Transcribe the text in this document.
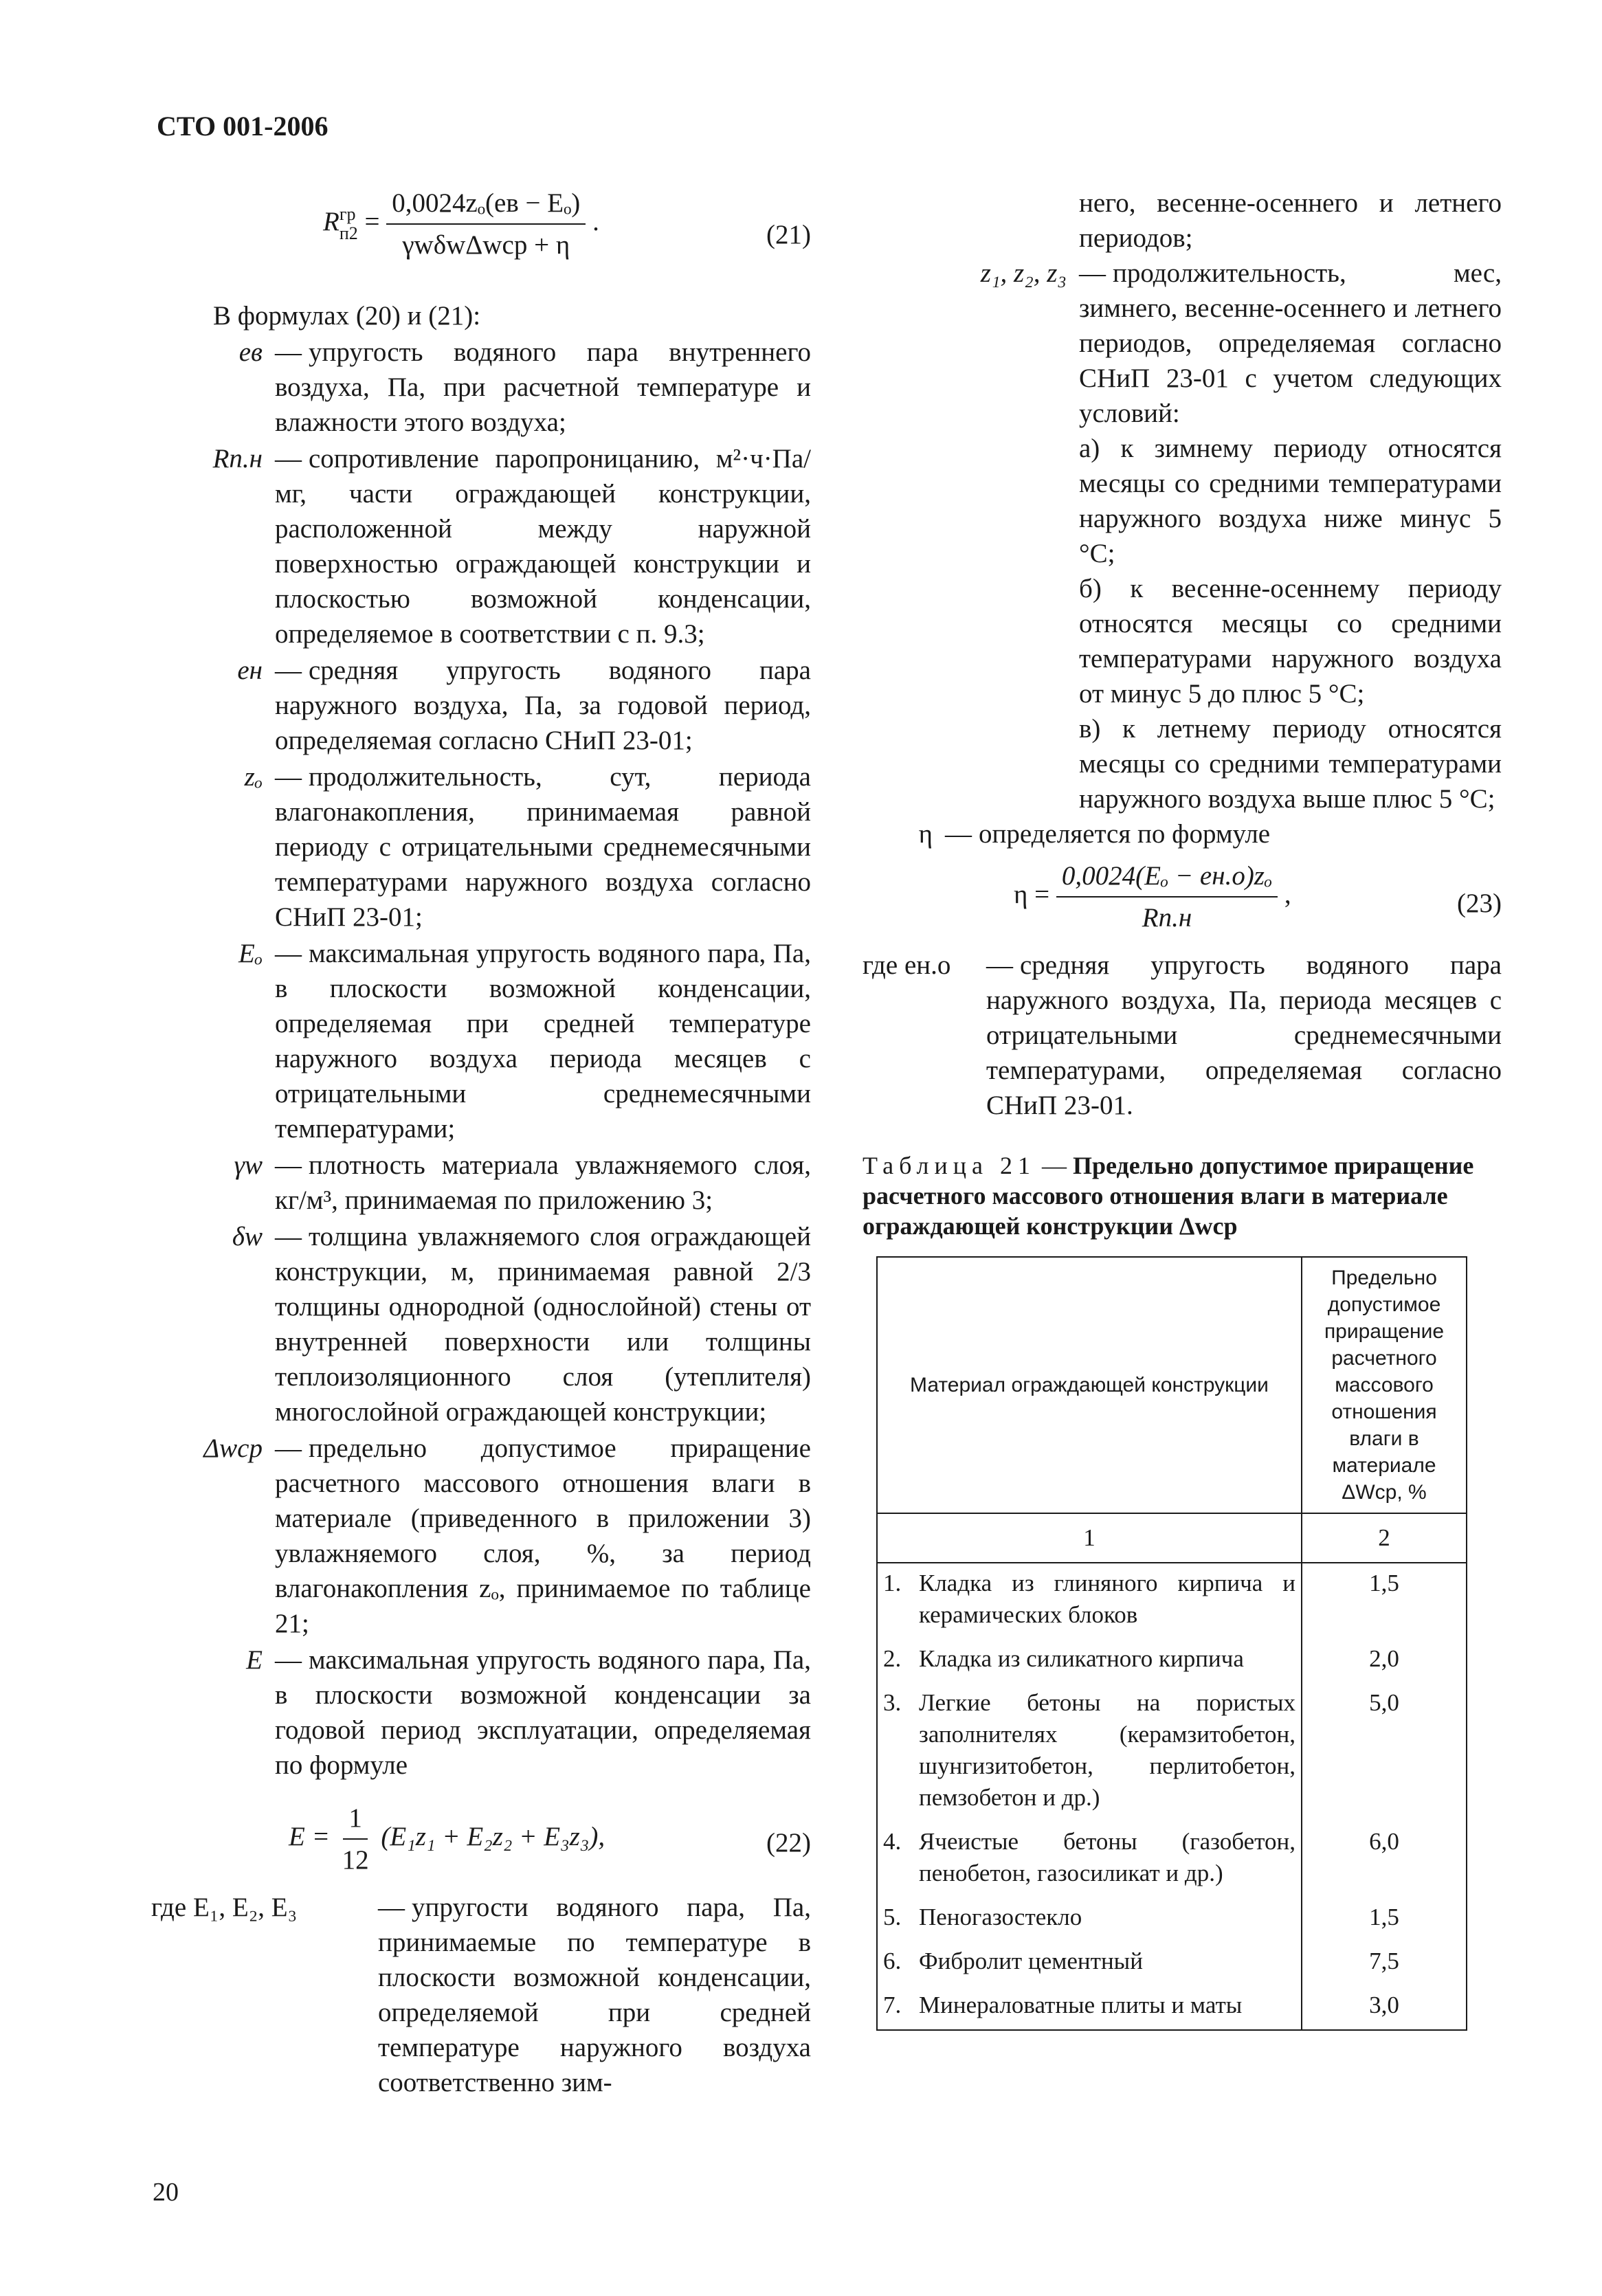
СТО 001-2006
R гр
$п2 = \frac{\text{0,0024zₒ(eв − Eₒ)}}{\text{γwδwΔwср + η}}$ .	(21)
В формулах (20) и (21):
eв — упругость водяного пара внутреннего воздуха, Па, при расчетной температуре и влажности этого воздуха;
Rп.н — сопротивление паропроницанию, м²·ч·Па/мг, части ограждающей конструкции, расположенной между наружной поверхностью ограждающей конструкции и плоскостью возможной конденсации, определяемое в соответствии с п. 9.3;
eн — средняя упругость водяного пара наружного воздуха, Па, за годовой период, определяемая согласно СНиП 23-01;
zₒ — продолжительность, сут, периода влагонакопления, принимаемая равной периоду с отрицательными среднемесячными температурами наружного воздуха согласно СНиП 23-01;
Eₒ — максимальная упругость водяного пара, Па, в плоскости возможной конденсации, определяемая при средней температуре наружного воздуха периода месяцев с отрицательными среднемесячными температурами;
γw — плотность материала увлажняемого слоя, кг/м³, принимаемая по приложению 3;
δw — толщина увлажняемого слоя ограждающей конструкции, м, принимаемая равной 2/3 толщины однородной (однослойной) стены от внутренней поверхности или толщины теплоизоляционного слоя (утеплителя) многослойной ограждающей конструкции;
Δwср — предельно допустимое приращение расчетного массового отношения влаги в материале (приведенного в приложении 3) увлажняемого слоя, %, за период влагонакопления zₒ, принимаемое по таблице 21;
E — максимальная упругость водяного пара, Па, в плоскости возможной конденсации за годовой период эксплуатации, определяемая по формуле
$E = \frac{1}{12} (E_1z_1 + E_2z_2 + E_3z_3)$,	(22)
где E₁, E₂, E₃	— упругости водяного пара, Па, принимаемые по температуре в плоскости возможной конденсации, определяемой при средней температуре наружного воздуха соответственно зим-
него, весенне-осеннего и летнего периодов;
z₁, z₂, z₃ — продолжительность, мес, зимнего, весенне-осеннего и летнего периодов, определяемая согласно СНиП 23-01 с учетом следующих условий:
а) к зимнему периоду относятся месяцы со средними температурами наружного воздуха ниже минус 5 °С;
б) к весенне-осеннему периоду относятся месяцы со средними температурами наружного воздуха от минус 5 до плюс 5 °С;
в) к летнему периоду относятся месяцы со средними температурами наружного воздуха выше плюс 5 °С;
η — определяется по формуле
$\eta = \frac{\text{0,0024(Eₒ − eн.о)zₒ}}{Rп.н}$ ,	(23)
где eн.о	— средняя упругость водяного пара наружного воздуха, Па, периода месяцев с отрицательными среднемесячными температурами, определяемая согласно СНиП 23-01.
Таблица 21 — Предельно допустимое приращение расчетного массового отношения влаги в материале ограждающей конструкции Δwср
Материал ограждающей конструкции	Предельно допустимое приращение расчетного массового отношения влаги в материале ΔWср, %
1	2

1. Кладка из глиняного кирпича и керамических блоков	1,5

2. Кладка из силикатного кирпича	2,0

3. Легкие бетоны на пористых заполнителях (керамзитобетон, шунгизитобетон, перлитобетон, пемзобетон и др.)	5,0

4. Ячеистые бетоны (газобетон, пенобетон, газосиликат и др.)	6,0

5. Пеногазостекло	1,5

6. Фибролит цементный	7,5

7. Минераловатные плиты и маты	3,0
20
